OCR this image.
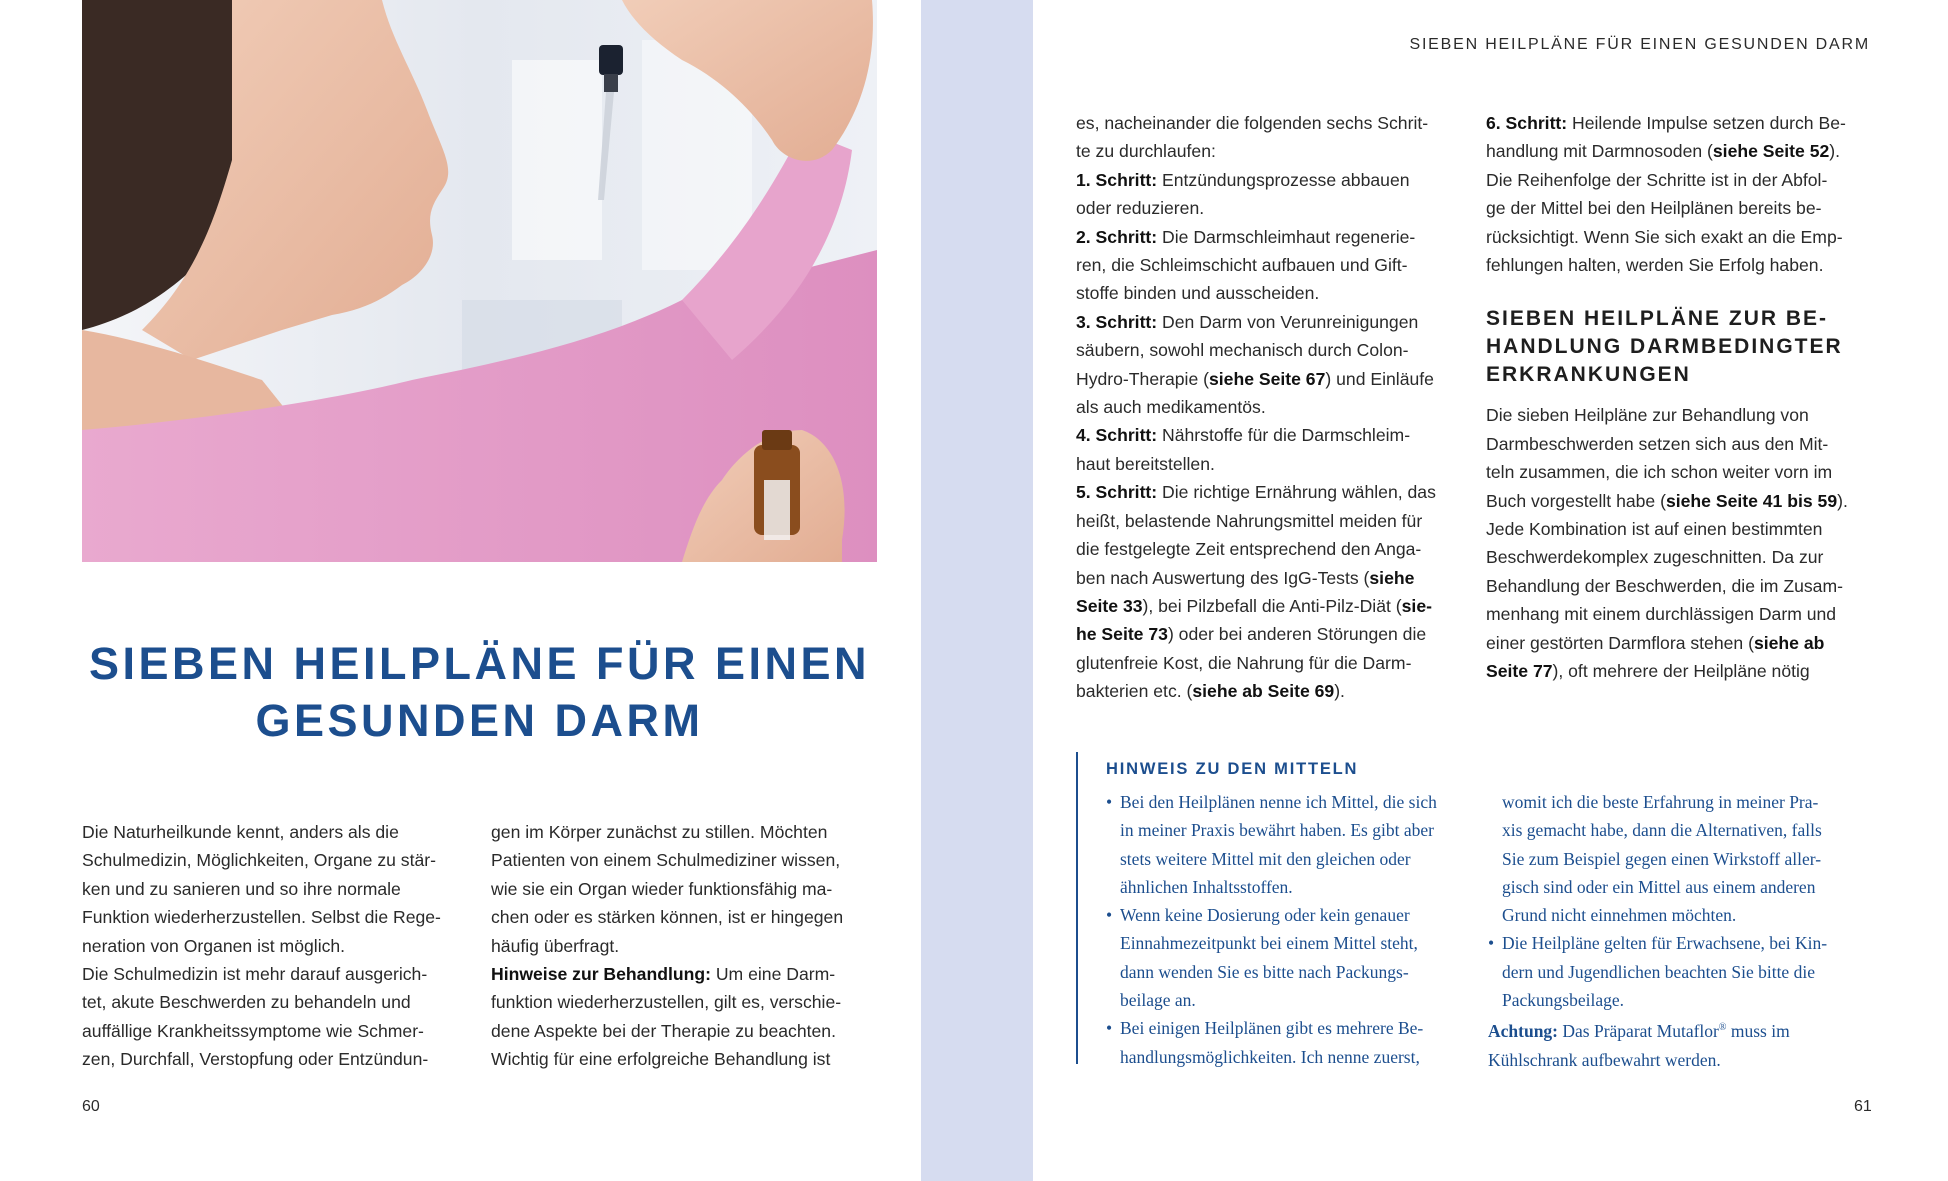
SIEBEN HEILPLÄNE FÜR EINEN
GESUNDEN DARM

Die Naturheilkunde kennt, anders als die

Schulmedizin, Möglichkeiten, Organe zu stär-

ken und zu sanieren und so ihre normale

Funktion wiederherzustellen. Selbst die Rege-

neration von Organen ist möglich.

Die Schulmedizin ist mehr darauf ausgerich-

tet, akute Beschwerden zu behandeln und

auffällige Krankheitssymptome wie Schmer-

zen, Durchfall, Verstopfung oder Entzündun-

gen im Körper zunächst zu stillen. Möchten

Patienten von einem Schulmediziner wissen,

wie sie ein Organ wieder funktionsfähig ma-

chen oder es stärken können, ist er hingegen

häufig überfragt.

Hinweise zur Behandlung: Um eine Darm-

funktion wiederherzustellen, gilt es, verschie-

dene Aspekte bei der Therapie zu beachten.

Wichtig für eine erfolgreiche Behandlung ist

60
SIEBEN HEILPLÄNE FÜR EINEN GESUNDEN DARM

es, nacheinander die folgenden sechs Schrit-

te zu durchlaufen:

1. Schritt: Entzündungsprozesse abbauen

oder reduzieren.

2. Schritt: Die Darmschleimhaut regenerie-

ren, die Schleimschicht aufbauen und Gift-

stoffe binden und ausscheiden.

3. Schritt: Den Darm von Verunreinigungen

säubern, sowohl mechanisch durch Colon-

Hydro-Therapie (siehe Seite 67) und Einläufe

als auch medikamentös.

4. Schritt: Nährstoffe für die Darmschleim-

haut bereitstellen.

5. Schritt: Die richtige Ernährung wählen, das

heißt, belastende Nahrungsmittel meiden für

die festgelegte Zeit entsprechend den Anga-

ben nach Auswertung des IgG-Tests (siehe

Seite 33), bei Pilzbefall die Anti-Pilz-Diät (sie-

he Seite 73) oder bei anderen Störungen die

glutenfreie Kost, die Nahrung für die Darm-

bakterien etc. (siehe ab Seite 69).

6. Schritt: Heilende Impulse setzen durch Be-

handlung mit Darmnosoden (siehe Seite 52).

Die Reihenfolge der Schritte ist in der Abfol-

ge der Mittel bei den Heilplänen bereits be-

rücksichtigt. Wenn Sie sich exakt an die Emp-

fehlungen halten, werden Sie Erfolg haben.

SIEBEN HEILPLÄNE ZUR BE-
HANDLUNG DARMBEDINGTER
ERKRANKUNGEN

Die sieben Heilpläne zur Behandlung von

Darmbeschwerden setzen sich aus den Mit-

teln zusammen, die ich schon weiter vorn im

Buch vorgestellt habe (siehe Seite 41 bis 59).

Jede Kombination ist auf einen bestimmten

Beschwerdekomplex zugeschnitten. Da zur

Behandlung der Beschwerden, die im Zusam-

menhang mit einem durchlässigen Darm und

einer gestörten Darmflora stehen (siehe ab

Seite 77), oft mehrere der Heilpläne nötig

HINWEIS ZU DEN MITTELN
• Bei den Heilplänen nenne ich Mittel, die sich
in meiner Praxis bewährt haben. Es gibt aber
stets weitere Mittel mit den gleichen oder
ähnlichen Inhaltsstoffen.
• Wenn keine Dosierung oder kein genauer
Einnahmezeitpunkt bei einem Mittel steht,
dann wenden Sie es bitte nach Packungs-
beilage an.
• Bei einigen Heilplänen gibt es mehrere Be-
handlungsmöglichkeiten. Ich nenne zuerst,
womit ich die beste Erfahrung in meiner Pra-
xis gemacht habe, dann die Alternativen, falls
Sie zum Beispiel gegen einen Wirkstoff aller-
gisch sind oder ein Mittel aus einem anderen
Grund nicht einnehmen möchten.
• Die Heilpläne gelten für Erwachsene, bei Kin-
dern und Jugendlichen beachten Sie bitte die
Packungsbeilage.
Achtung: Das Präparat Mutaflor® muss im
Kühlschrank aufbewahrt werden.
61
